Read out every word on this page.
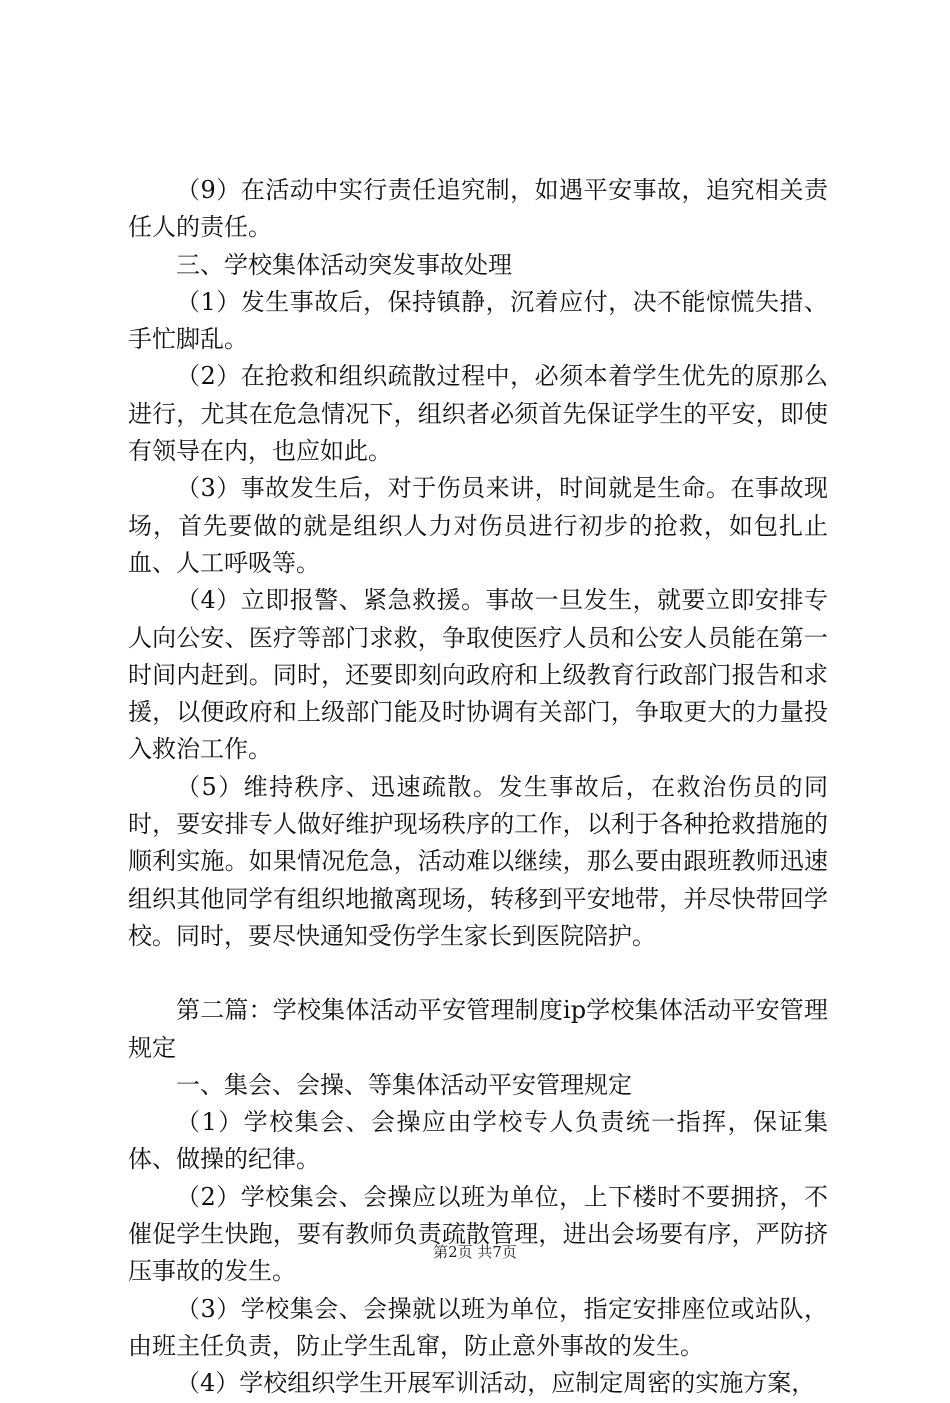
（9）在活动中实行责任追究制，如遇平安事故，追究相关责任人的责任。

三、学校集体活动突发事故处理

（1）发生事故后，保持镇静，沉着应付，决不能惊慌失措、手忙脚乱。

（2）在抢救和组织疏散过程中，必须本着学生优先的原那么进行，尤其在危急情况下，组织者必须首先保证学生的平安，即使有领导在内，也应如此。

（3）事故发生后，对于伤员来讲，时间就是生命。在事故现场，首先要做的就是组织人力对伤员进行初步的抢救，如包扎止血、人工呼吸等。

（4）立即报警、紧急救援。事故一旦发生，就要立即安排专人向公安、医疗等部门求救，争取使医疗人员和公安人员能在第一时间内赶到。同时，还要即刻向政府和上级教育行政部门报告和求援，以便政府和上级部门能及时协调有关部门，争取更大的力量投入救治工作。

（5）维持秩序、迅速疏散。发生事故后，在救治伤员的同时，要安排专人做好维护现场秩序的工作，以利于各种抢救措施的顺利实施。如果情况危急，活动难以继续，那么要由跟班教师迅速组织其他同学有组织地撤离现场，转移到平安地带，并尽快带回学校。同时，要尽快通知受伤学生家长到医院陪护。

第二篇：学校集体活动平安管理制度ip学校集体活动平安管理规定

一、集会、会操、等集体活动平安管理规定

（1）学校集会、会操应由学校专人负责统一指挥，保证集体、做操的纪律。

（2）学校集会、会操应以班为单位，上下楼时不要拥挤，不催促学生快跑，要有教师负责疏散管理，进出会场要有序，严防挤压事故的发生。

（3）学校集会、会操就以班为单位，指定安排座位或站队，由班主任负责，防止学生乱窜，防止意外事故的发生。

（4）学校组织学生开展军训活动，应制定周密的实施方案，

第2页 共7页
